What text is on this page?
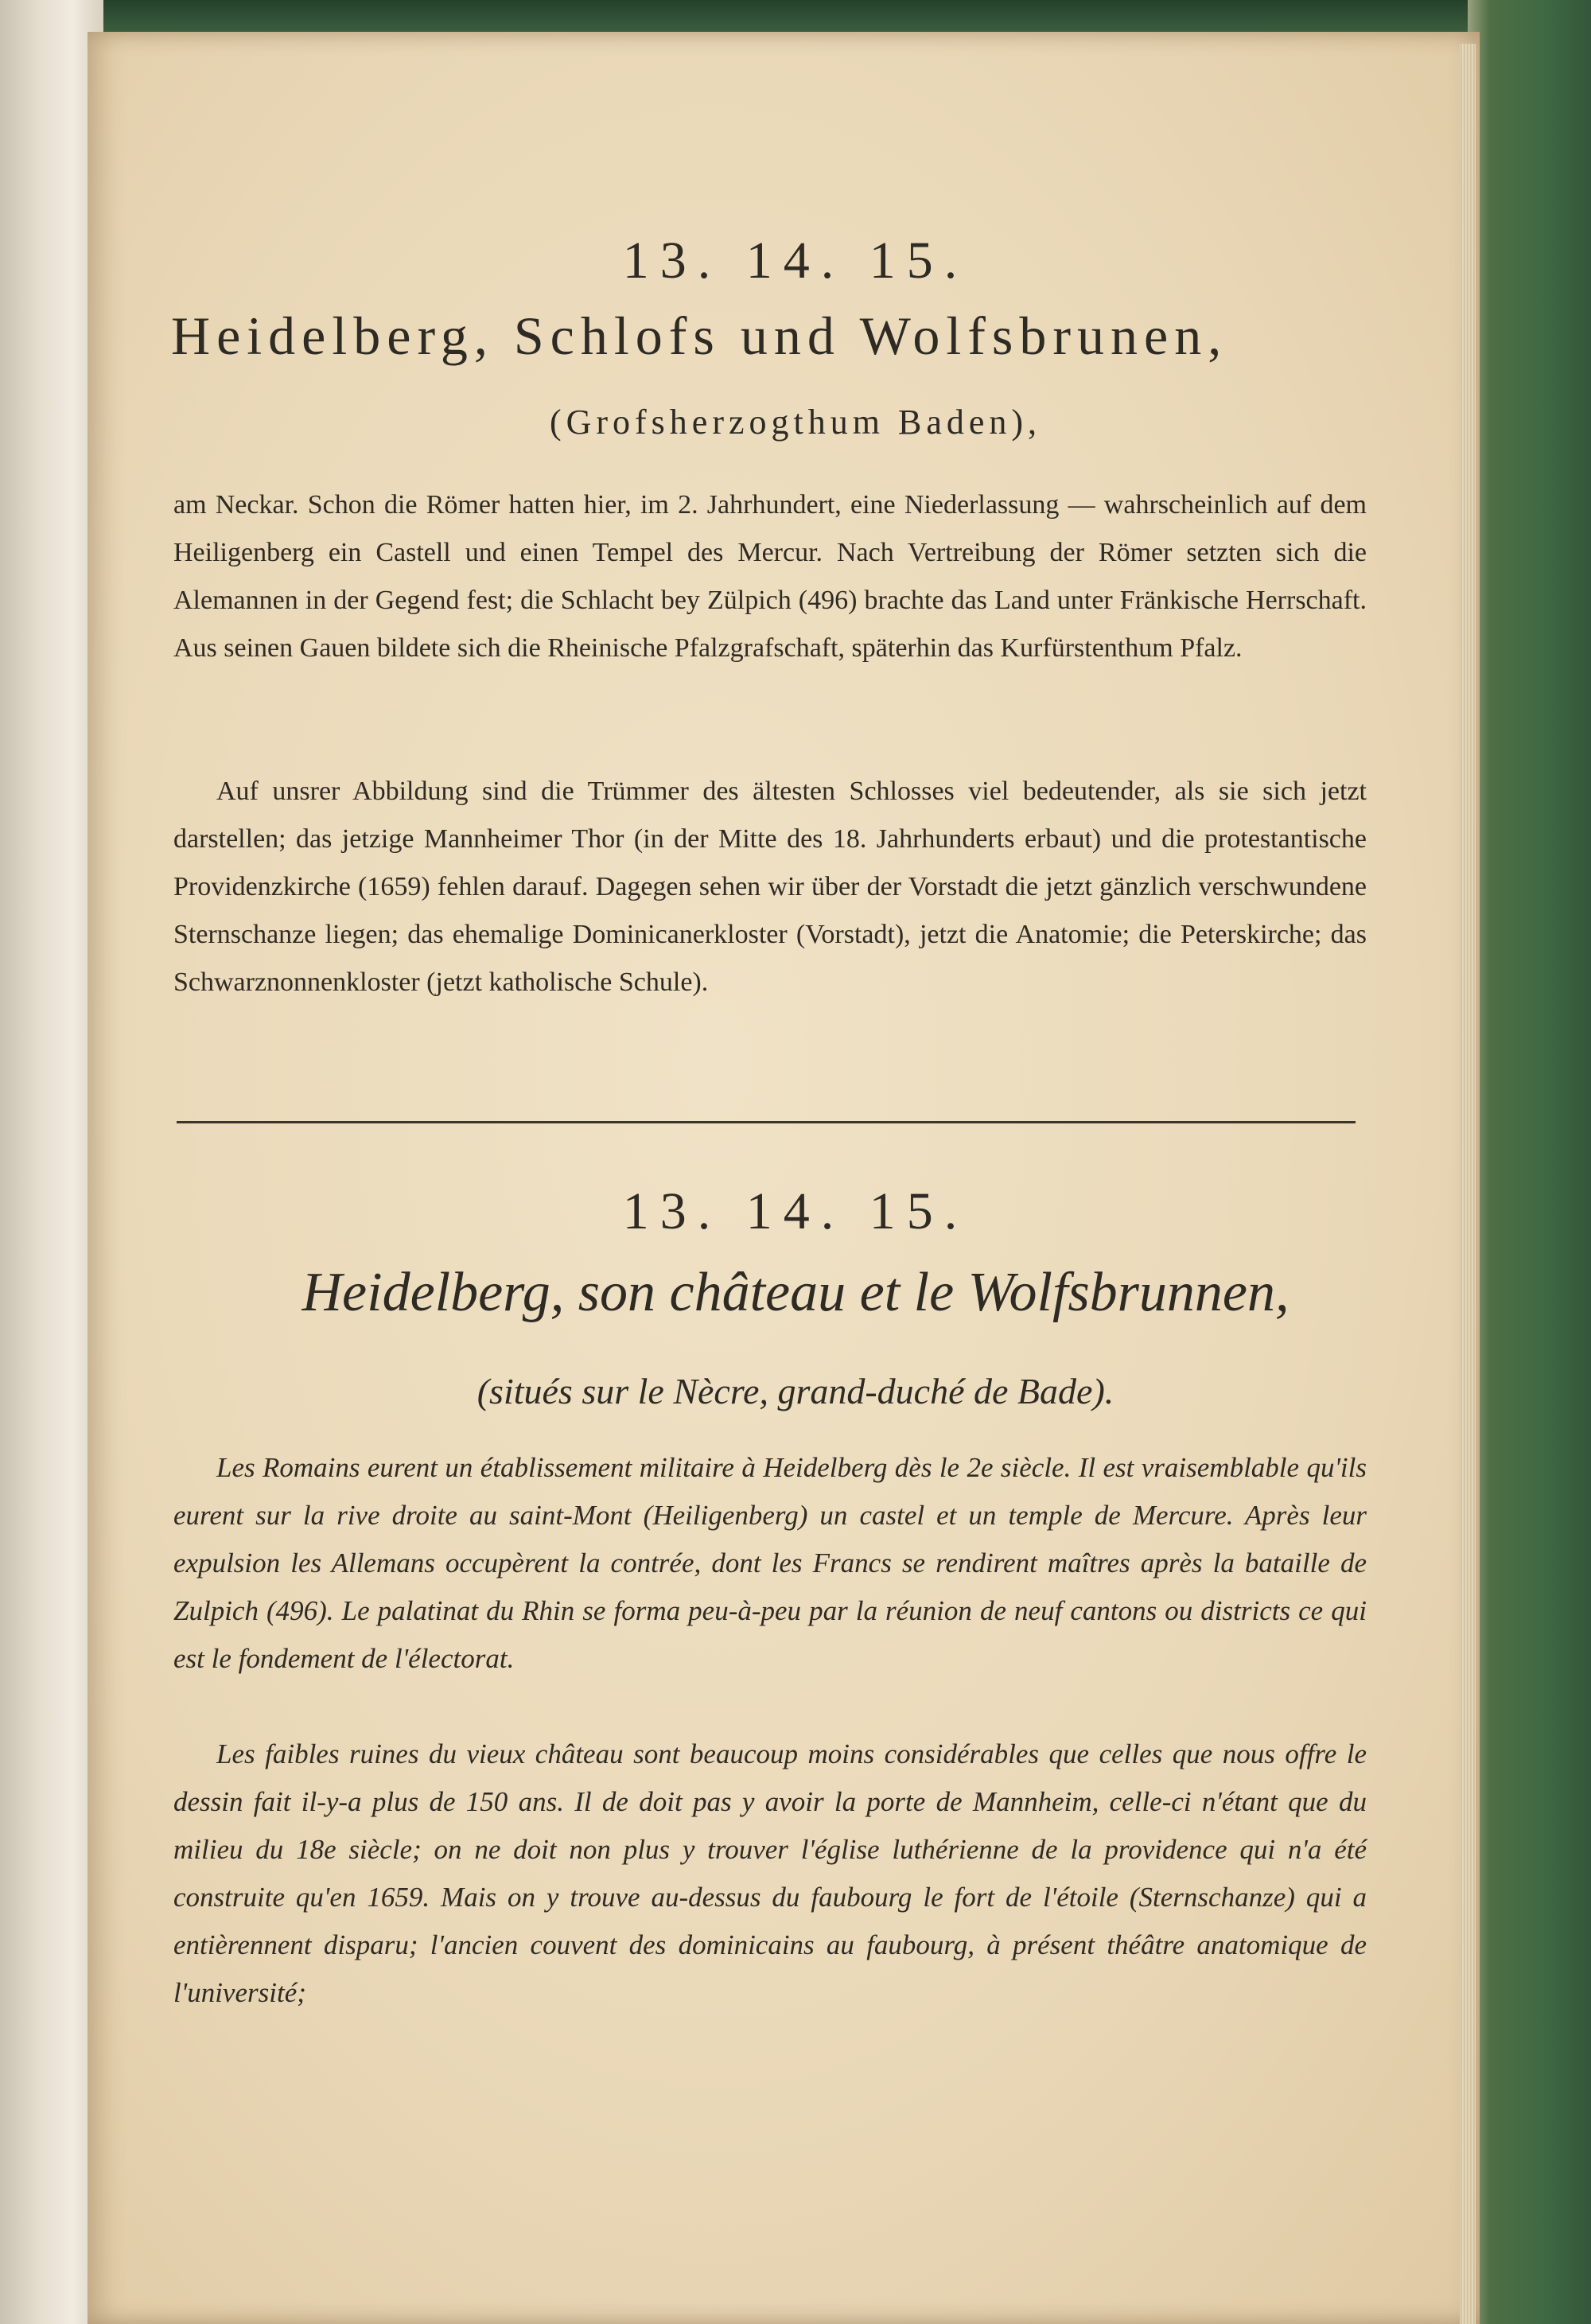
13. 14. 15.
Heidelberg, Schlofs und Wolfsbrunen,
(Grofsherzogthum Baden),

am Neckar. Schon die Römer hatten hier, im 2. Jahrhundert, eine Niederlassung — wahrscheinlich auf dem Heiligenberg ein Castell und einen Tempel des Mercur. Nach Vertreibung der Römer setzten sich die Alemannen in der Gegend fest; die Schlacht bey Zülpich (496) brachte das Land unter Fränkische Herrschaft. Aus seinen Gauen bildete sich die Rheinische Pfalzgrafschaft, späterhin das Kurfürstenthum Pfalz.

Auf unsrer Abbildung sind die Trümmer des ältesten Schlosses viel bedeutender, als sie sich jetzt darstellen; das jetzige Mannheimer Thor (in der Mitte des 18. Jahrhunderts erbaut) und die protestantische Providenzkirche (1659) fehlen darauf. Dagegen sehen wir über der Vorstadt die jetzt gänzlich verschwundene Sternschanze liegen; das ehemalige Dominicanerkloster (Vorstadt), jetzt die Anatomie; die Peterskirche; das Schwarznonnenkloster (jetzt katholische Schule).

13. 14. 15.
Heidelberg, son château et le Wolfsbrunnen,
(situés sur le Nècre, grand-duché de Bade).

Les Romains eurent un établissement militaire à Heidelberg dès le 2e siècle. Il est vraisemblable qu'ils eurent sur la rive droite au saint-Mont (Heiligenberg) un castel et un temple de Mercure. Après leur expulsion les Allemans occupèrent la contrée, dont les Francs se rendirent maîtres après la bataille de Zulpich (496). Le palatinat du Rhin se forma peu-à-peu par la réunion de neuf cantons ou districts ce qui est le fondement de l'électorat.

Les faibles ruines du vieux château sont beaucoup moins considérables que celles que nous offre le dessin fait il-y-a plus de 150 ans. Il de doit pas y avoir la porte de Mannheim, celle-ci n'étant que du milieu du 18e siècle; on ne doit non plus y trouver l'église luthérienne de la providence qui n'a été construite qu'en 1659. Mais on y trouve au-dessus du faubourg le fort de l'étoile (Sternschanze) qui a entièrennent disparu; l'ancien couvent des dominicains au faubourg, à présent théâtre anatomique de l'université;
